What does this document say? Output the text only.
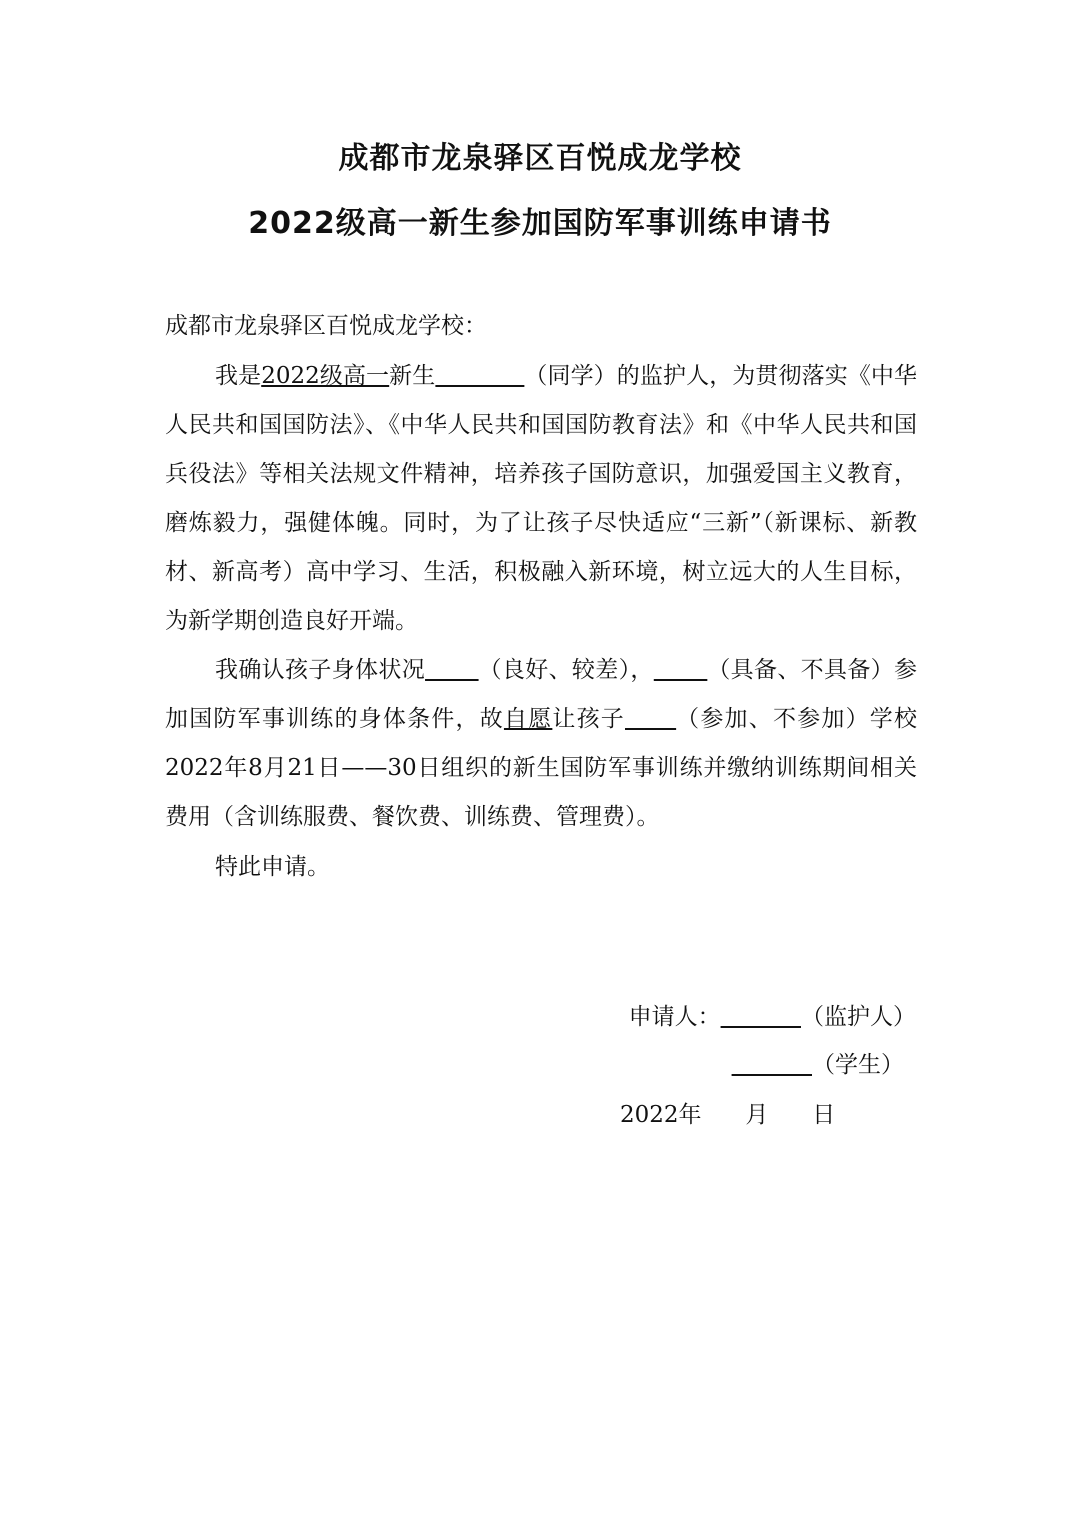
成都市龙泉驿区百悦成龙学校
2022级高一新生参加国防军事训练申请书

成都市龙泉驿区百悦成龙学校：

我是2022级高一新生	（同学）的监护人，为贯彻落实《中华人民共和国国防法》、《中华人民共和国国防教育法》和《中华人民共和国兵役法》等相关法规文件精神，培养孩子国防意识，加强爱国主义教育，磨炼毅力，强健体魄。同时，为了让孩子尽快适应“三新”（新课标、新教材、新高考）高中学习、生活，积极融入新环境，树立远大的人生目标，为新学期创造良好开端。

我确认孩子身体状况 （良好、较差）， （具备、不具备）参加国防军事训练的身体条件，故自愿让孩子 （参加、不参加）学校2022年8月21日——30日组织的新生国防军事训练并缴纳训练期间相关费用（含训练服费、餐饮费、训练费、管理费）。

特此申请。

申请人：	（监护人）

（学生）

2022年 月 日
